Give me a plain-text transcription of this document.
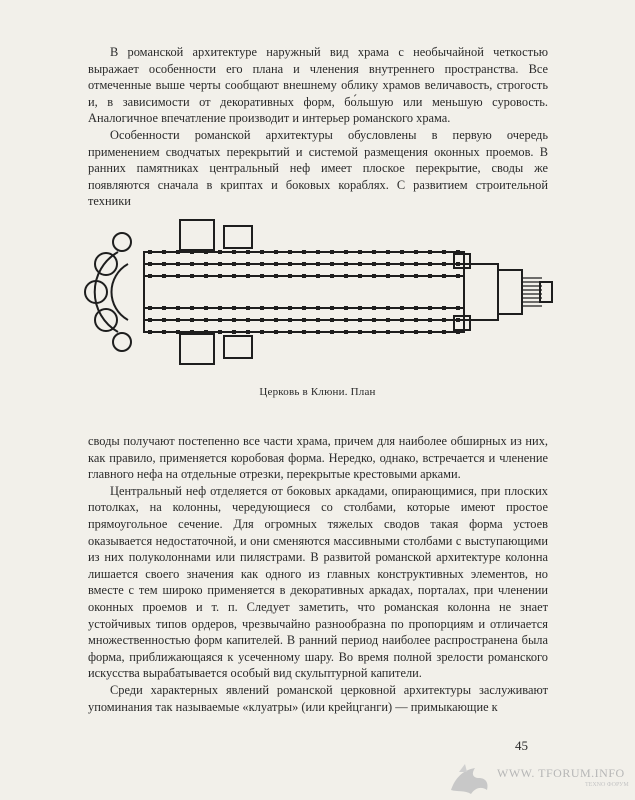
В романской архитектуре наружный вид храма с необычайной четкостью выражает особенности его плана и членения внутреннего пространства. Все отмеченные выше черты сообщают внешнему облику храмов величавость, строгость и, в зависимости от декоративных форм, бо́льшую или меньшую суровость. Аналогичное впечатление производит и интерьер романского храма.

Особенности романской архитектуры обусловлены в первую очередь применением сводчатых перекрытий и системой размещения оконных проемов. В ранних памятниках центральный неф имеет плоское перекрытие, своды же появляются сначала в криптах и боковых кораблях. С развитием строительной техники

Церковь в Клюни. План

своды получают постепенно все части храма, причем для наиболее обширных из них, как правило, применяется коробовая форма. Нередко, однако, встречается и членение главного нефа на отдельные отрезки, перекрытые крестовыми арками.

Центральный неф отделяется от боковых аркадами, опирающимися, при плоских потолках, на колонны, чередующиеся со столбами, которые имеют простое прямоугольное сечение. Для огромных тяжелых сводов такая форма устоев оказывается недостаточной, и они сменяются массивными столбами с выступающими из них полуколоннами или пилястрами. В развитой романской архитектуре колонна лишается своего значения как одного из главных конструктивных элементов, но вместе с тем широко применяется в декоративных аркадах, порталах, при членении оконных проемов и т. п. Следует заметить, что романская колонна не знает устойчивых типов ордеров, чрезвычайно разнообразна по пропорциям и отличается множественностью форм капителей. В ранний период наиболее распространена была форма, приближающаяся к усеченному шару. Во время полной зрелости романского искусства вырабатывается особый вид скульптурной капители.

Среди характерных явлений романской церковной архитектуры заслуживают упоминания так называемые «клуатры» (или крейцганги) — примыкающие к

45
WWW. TFORUM.INFO
TEXNO ФОРУМ
